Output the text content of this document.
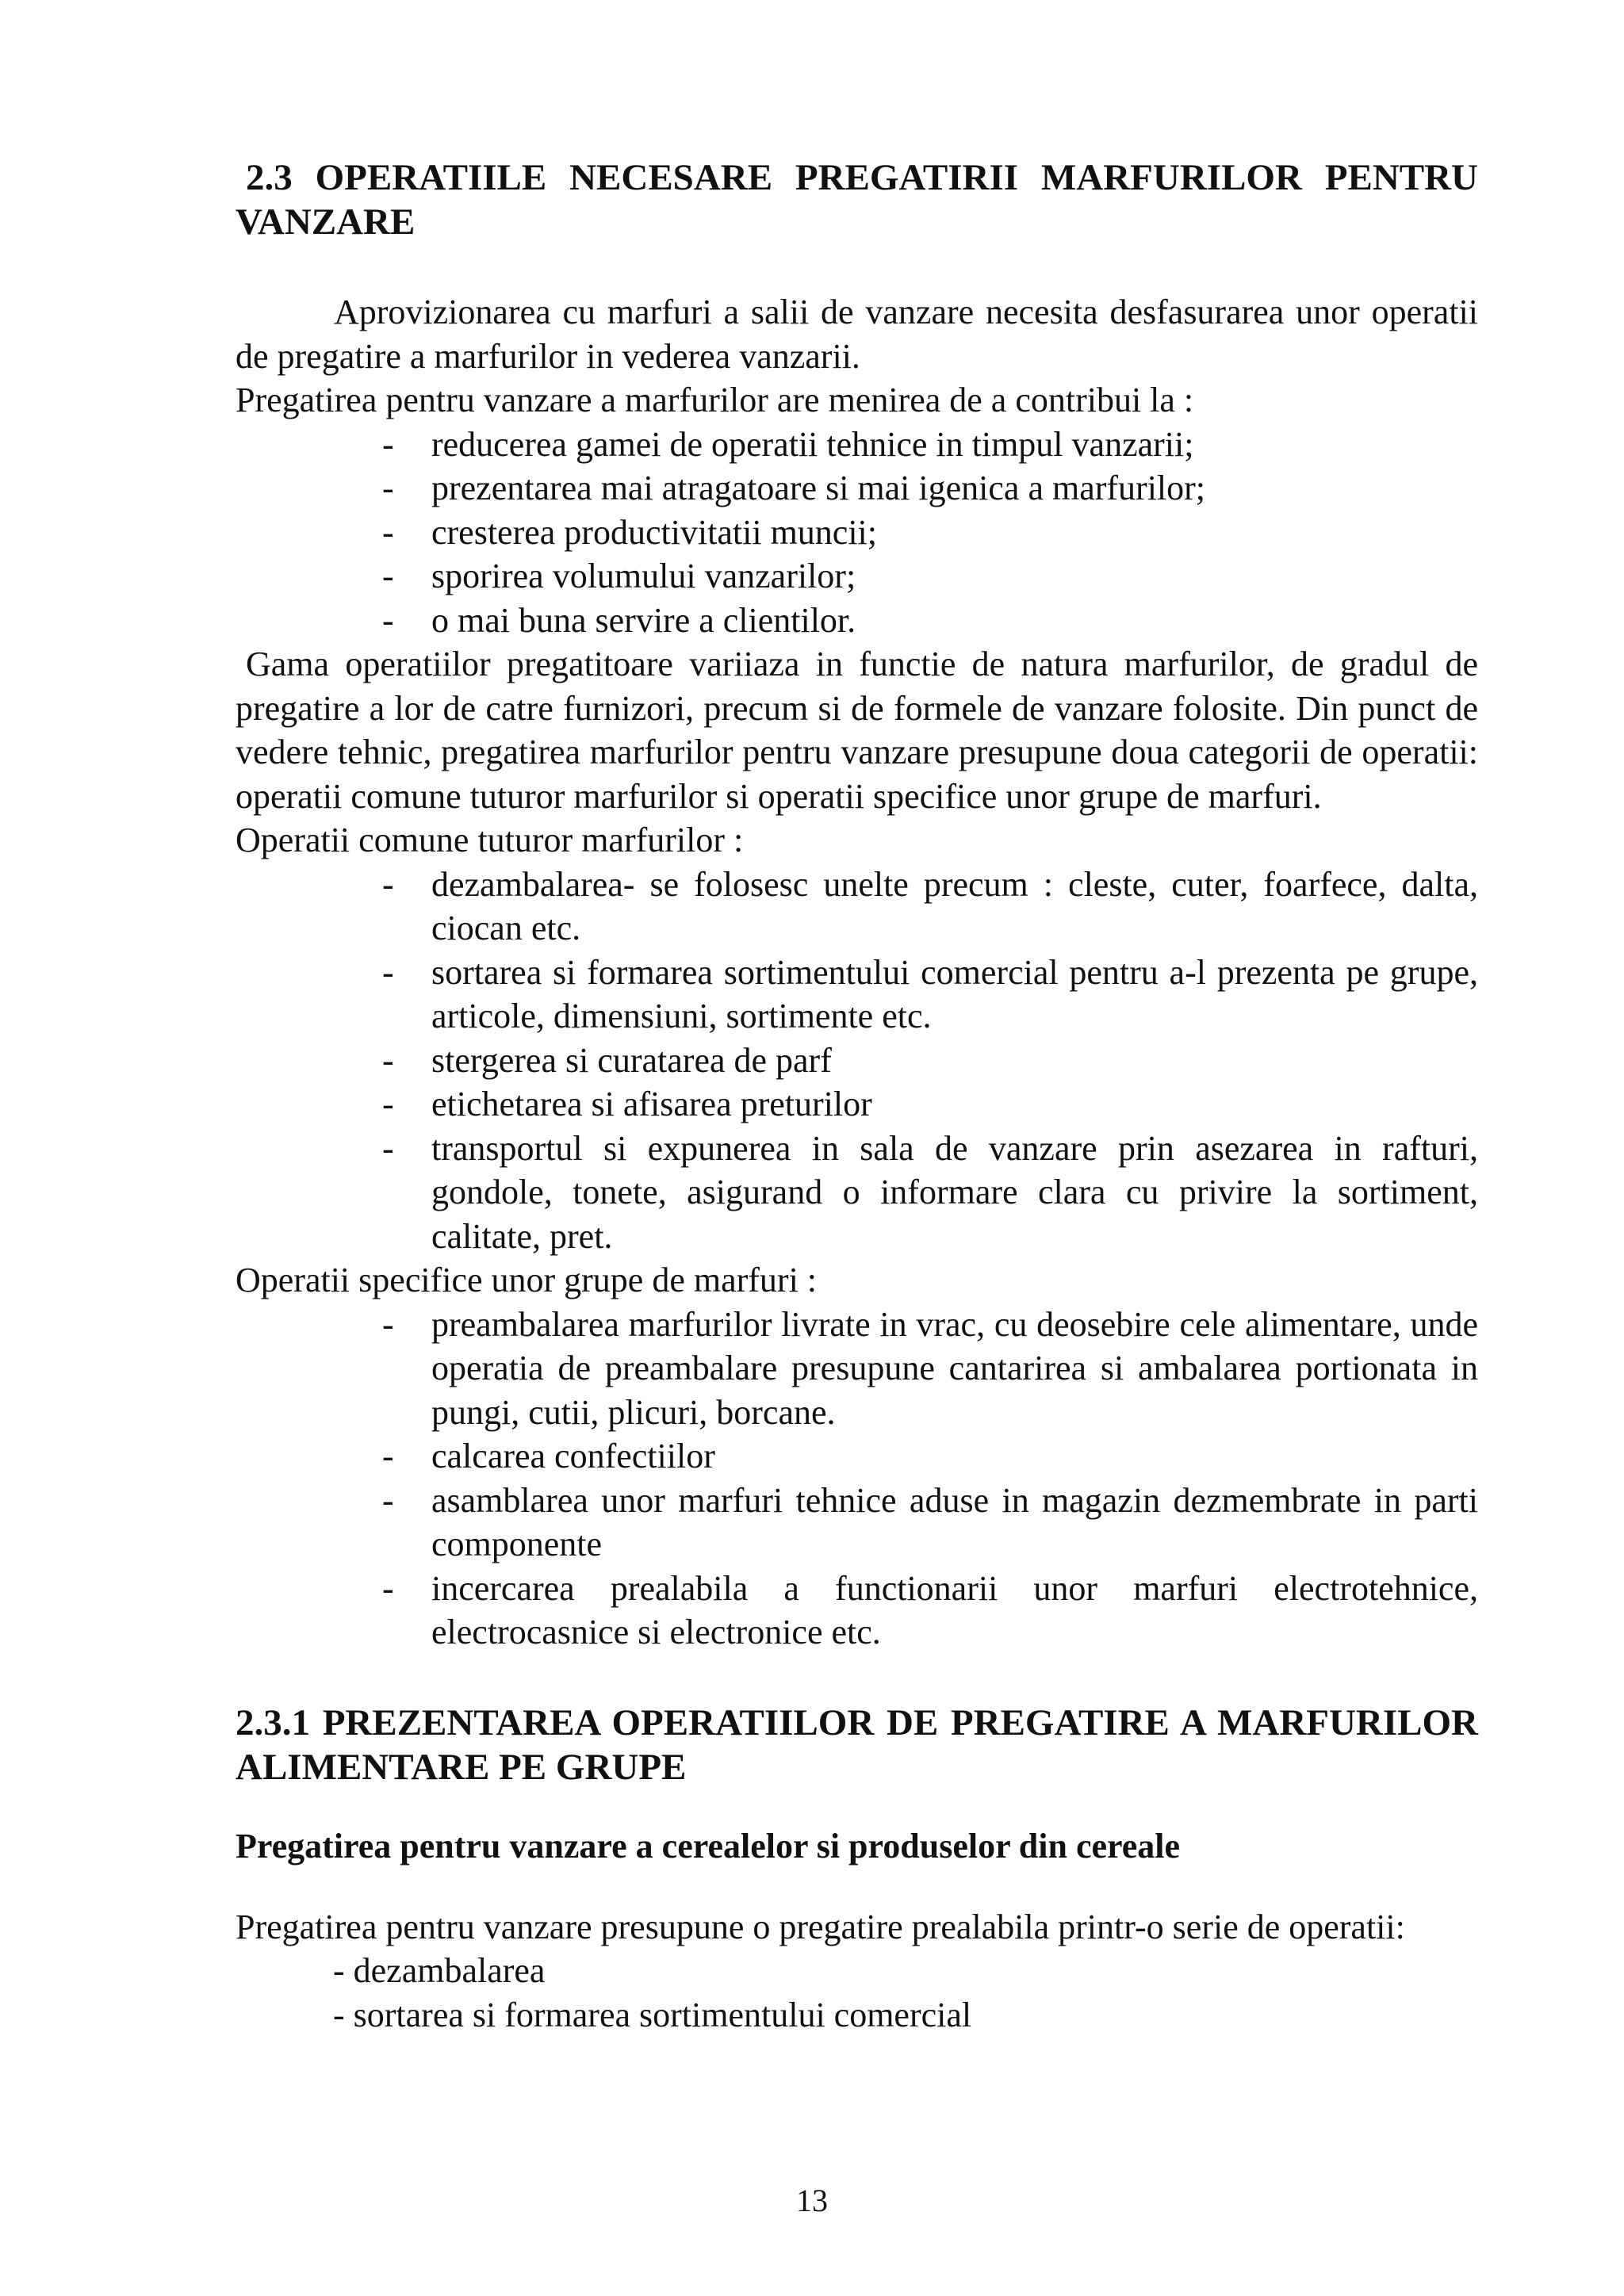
2.3 OPERATIILE NECESARE PREGATIRII MARFURILOR PENTRU VANZARE

Aprovizionarea cu marfuri a salii de vanzare necesita desfasurarea unor operatii de pregatire a marfurilor in vederea vanzarii.

Pregatirea pentru vanzare a marfurilor are menirea de a contribui la :

- reducerea gamei de operatii tehnice in timpul vanzarii;
- prezentarea mai atragatoare si mai igenica a marfurilor;
- cresterea productivitatii muncii;
- sporirea volumului vanzarilor;
- o mai buna servire a clientilor.

Gama operatiilor pregatitoare variiaza in functie de natura marfurilor, de gradul de pregatire a lor de catre furnizori, precum si de formele de vanzare folosite. Din punct de vedere tehnic, pregatirea marfurilor pentru vanzare presupune doua categorii de operatii: operatii comune tuturor marfurilor si operatii specifice unor grupe de marfuri.

Operatii comune tuturor marfurilor :

- dezambalarea- se folosesc unelte precum : cleste, cuter, foarfece, dalta, ciocan etc.
- sortarea si formarea sortimentului comercial pentru a-l prezenta pe grupe, articole, dimensiuni, sortimente etc.
- stergerea si curatarea de parf
- etichetarea si afisarea preturilor
- transportul si expunerea in sala de vanzare prin asezarea in rafturi, gondole, tonete, asigurand o informare clara cu privire la sortiment, calitate, pret.

Operatii specifice unor grupe de marfuri :

- preambalarea marfurilor livrate in vrac, cu deosebire cele alimentare, unde operatia de preambalare presupune cantarirea si ambalarea portionata in pungi, cutii, plicuri, borcane.
- calcarea confectiilor
- asamblarea unor marfuri tehnice aduse in magazin dezmembrate in parti componente
- incercarea prealabila a functionarii unor marfuri electrotehnice, electrocasnice si electronice etc.
2.3.1 PREZENTAREA OPERATIILOR DE PREGATIRE A MARFURILOR ALIMENTARE PE GRUPE
Pregatirea pentru vanzare a cerealelor si produselor din cereale

Pregatirea pentru vanzare presupune o pregatire prealabila printr-o serie de operatii:

- dezambalarea
- sortarea si formarea sortimentului comercial
13
